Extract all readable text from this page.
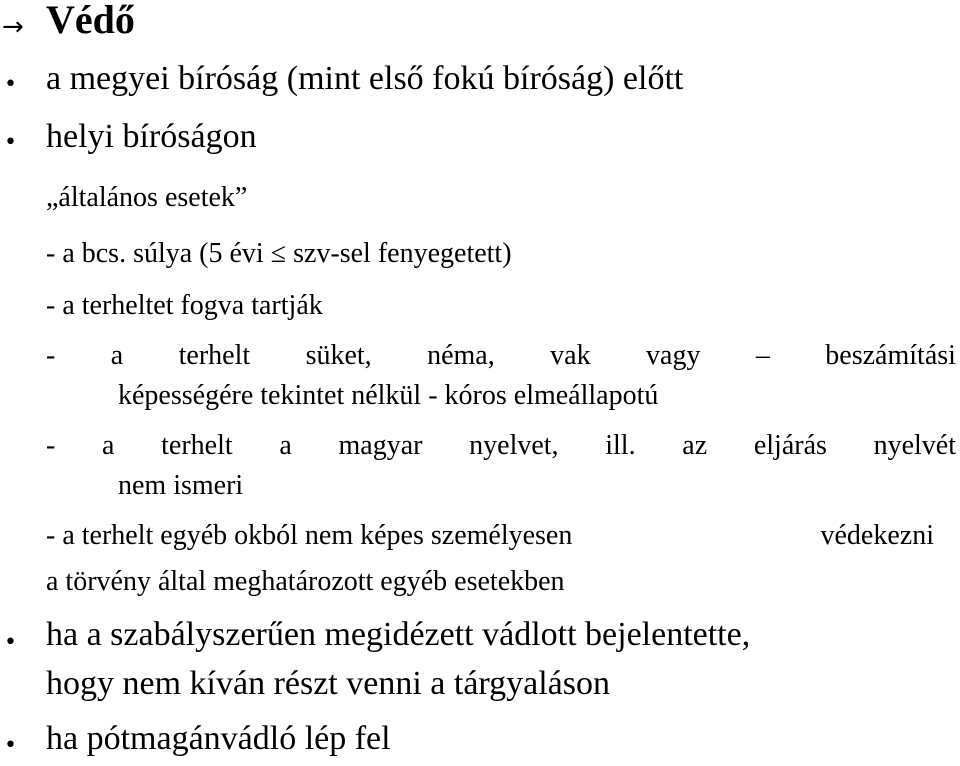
→ Védő
• a megyei bíróság (mint első fokú bíróság) előtt
• helyi bíróságon
„általános esetek”
- a bcs. súlya (5 évi ≤ szv-sel fenyegetett)
- a terheltet fogva tartják
- a terhelt süket, néma, vak vagy – beszámítási
képességére tekintet nélkül - kóros elmeállapotú
- a terhelt a magyar nyelvet, ill. az eljárás nyelvét
nem ismeri
- a terhelt egyéb okból nem képes személyesen	védekezni
a törvény által meghatározott egyéb esetekben
• ha a szabályszerűen megidézett vádlott bejelentette,
hogy nem kíván részt venni a tárgyaláson
• ha pótmagánvádló lép fel
